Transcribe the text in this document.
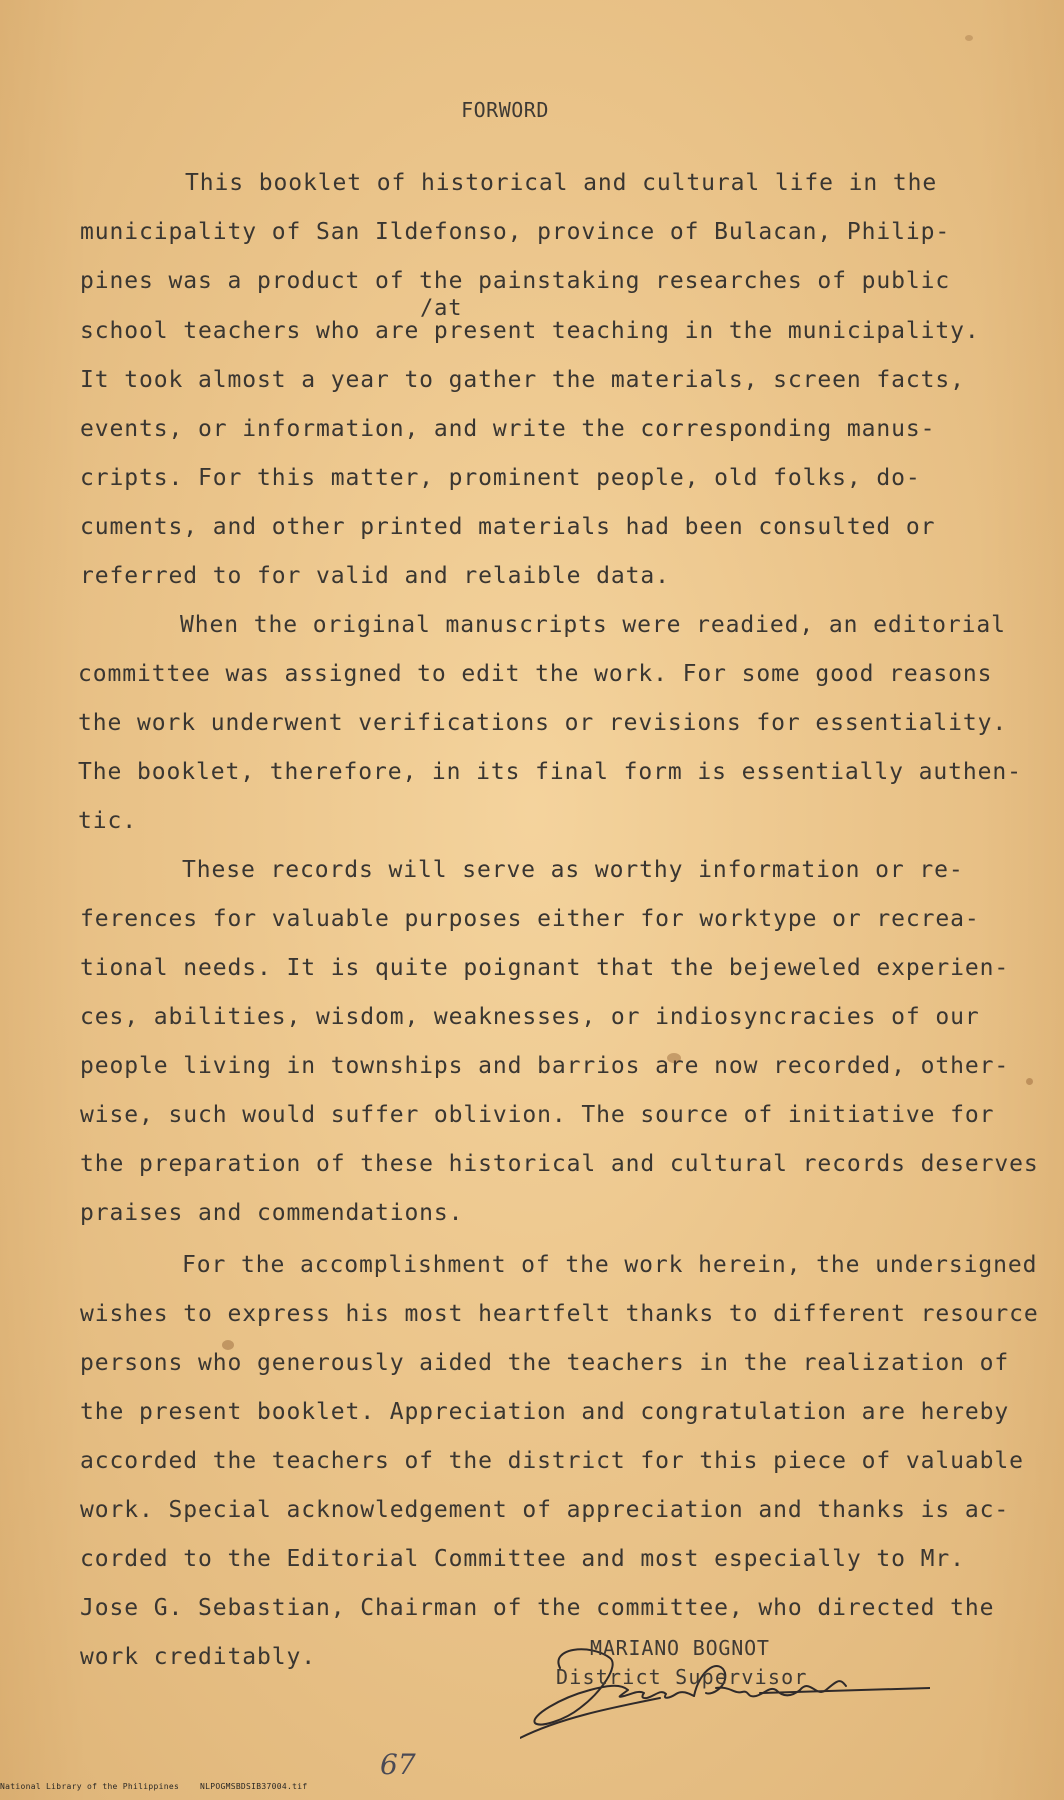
FORWORD
This booklet of historical and cultural life in the
municipality of San Ildefonso, province of Bulacan, Philip-
pines was a product of the painstaking researches of public
/at
school teachers who are present teaching in the municipality.
It took almost a year to gather the materials, screen facts,
events, or information, and write the corresponding manus-
cripts. For this matter, prominent people, old folks, do-
cuments, and other printed materials had been consulted or
referred to for valid and relaible data.
When the original manuscripts were readied, an editorial
committee was assigned to edit the work. For some good reasons
the work underwent verifications or revisions for essentiality.
The booklet, therefore, in its final form is essentially authen-
tic.
These records will serve as worthy information or re-
ferences for valuable purposes either for worktype or recrea-
tional needs. It is quite poignant that the bejeweled experien-
ces, abilities, wisdom, weaknesses, or indiosyncracies of our
people living in townships and barrios are now recorded, other-
wise, such would suffer oblivion. The source of initiative for
the preparation of these historical and cultural records deserves
praises and commendations.
For the accomplishment of the work herein, the undersigned
wishes to express his most heartfelt thanks to different resource
persons who generously aided the teachers in the realization of
the present booklet. Appreciation and congratulation are hereby
accorded the teachers of the district for this piece of valuable
work. Special acknowledgement of appreciation and thanks is ac-
corded to the Editorial Committee and most especially to Mr.
Jose G. Sebastian, Chairman of the committee, who directed the
work creditably.	MARIANO BOGNOT
District Supervisor
67
National Library of the Philippines	NLPOGMSBDSIB37004.tif
